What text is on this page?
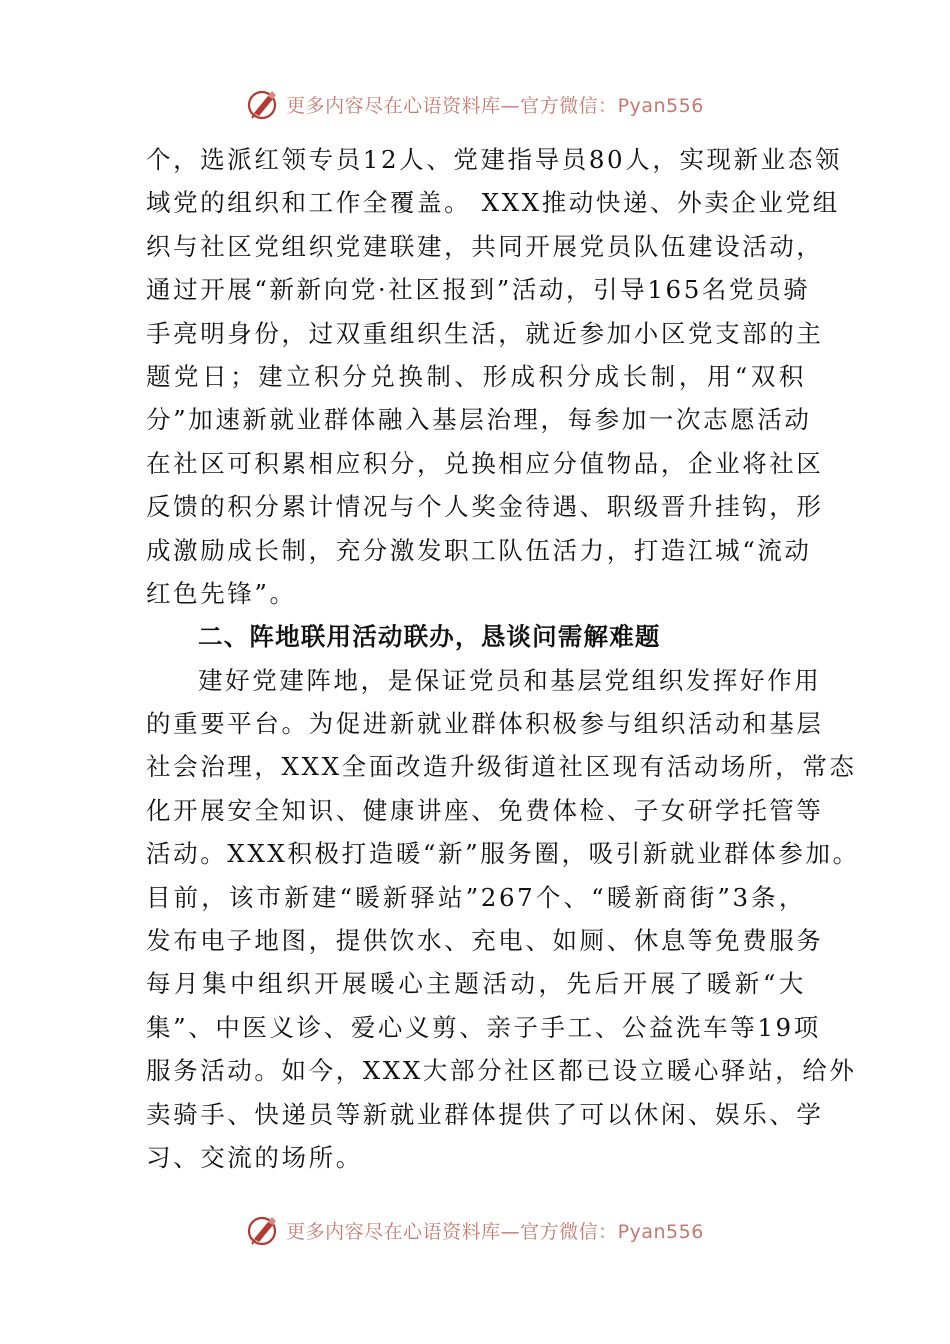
更多内容尽在心语资料库—官方微信：Pyan556
个，选派红领专员12人、党建指导员80人，实现新业态领
域党的组织和工作全覆盖。 XXX推动快递、外卖企业党组
织与社区党组织党建联建，共同开展党员队伍建设活动，
通过开展“新新向党·社区报到”活动，引导165名党员骑
手亮明身份，过双重组织生活，就近参加小区党支部的主
题党日；建立积分兑换制、形成积分成长制，用“双积
分”加速新就业群体融入基层治理，每参加一次志愿活动
在社区可积累相应积分，兑换相应分值物品，企业将社区
反馈的积分累计情况与个人奖金待遇、职级晋升挂钩，形
成激励成长制，充分激发职工队伍活力，打造江城“流动
红色先锋”。
二、阵地联用活动联办，恳谈问需解难题
建好党建阵地，是保证党员和基层党组织发挥好作用
的重要平台。为促进新就业群体积极参与组织活动和基层
社会治理，XXX全面改造升级街道社区现有活动场所，常态
化开展安全知识、健康讲座、免费体检、子女研学托管等
活动。XXX积极打造暖“新”服务圈，吸引新就业群体参加。
目前，该市新建“暖新驿站”267个、“暖新商街”3条，
发布电子地图，提供饮水、充电、如厕、休息等免费服务
每月集中组织开展暖心主题活动，先后开展了暖新“大
集”、中医义诊、爱心义剪、亲子手工、公益洗车等19项
服务活动。如今，XXX大部分社区都已设立暖心驿站，给外
卖骑手、快递员等新就业群体提供了可以休闲、娱乐、学
习、交流的场所。
更多内容尽在心语资料库—官方微信：Pyan556
